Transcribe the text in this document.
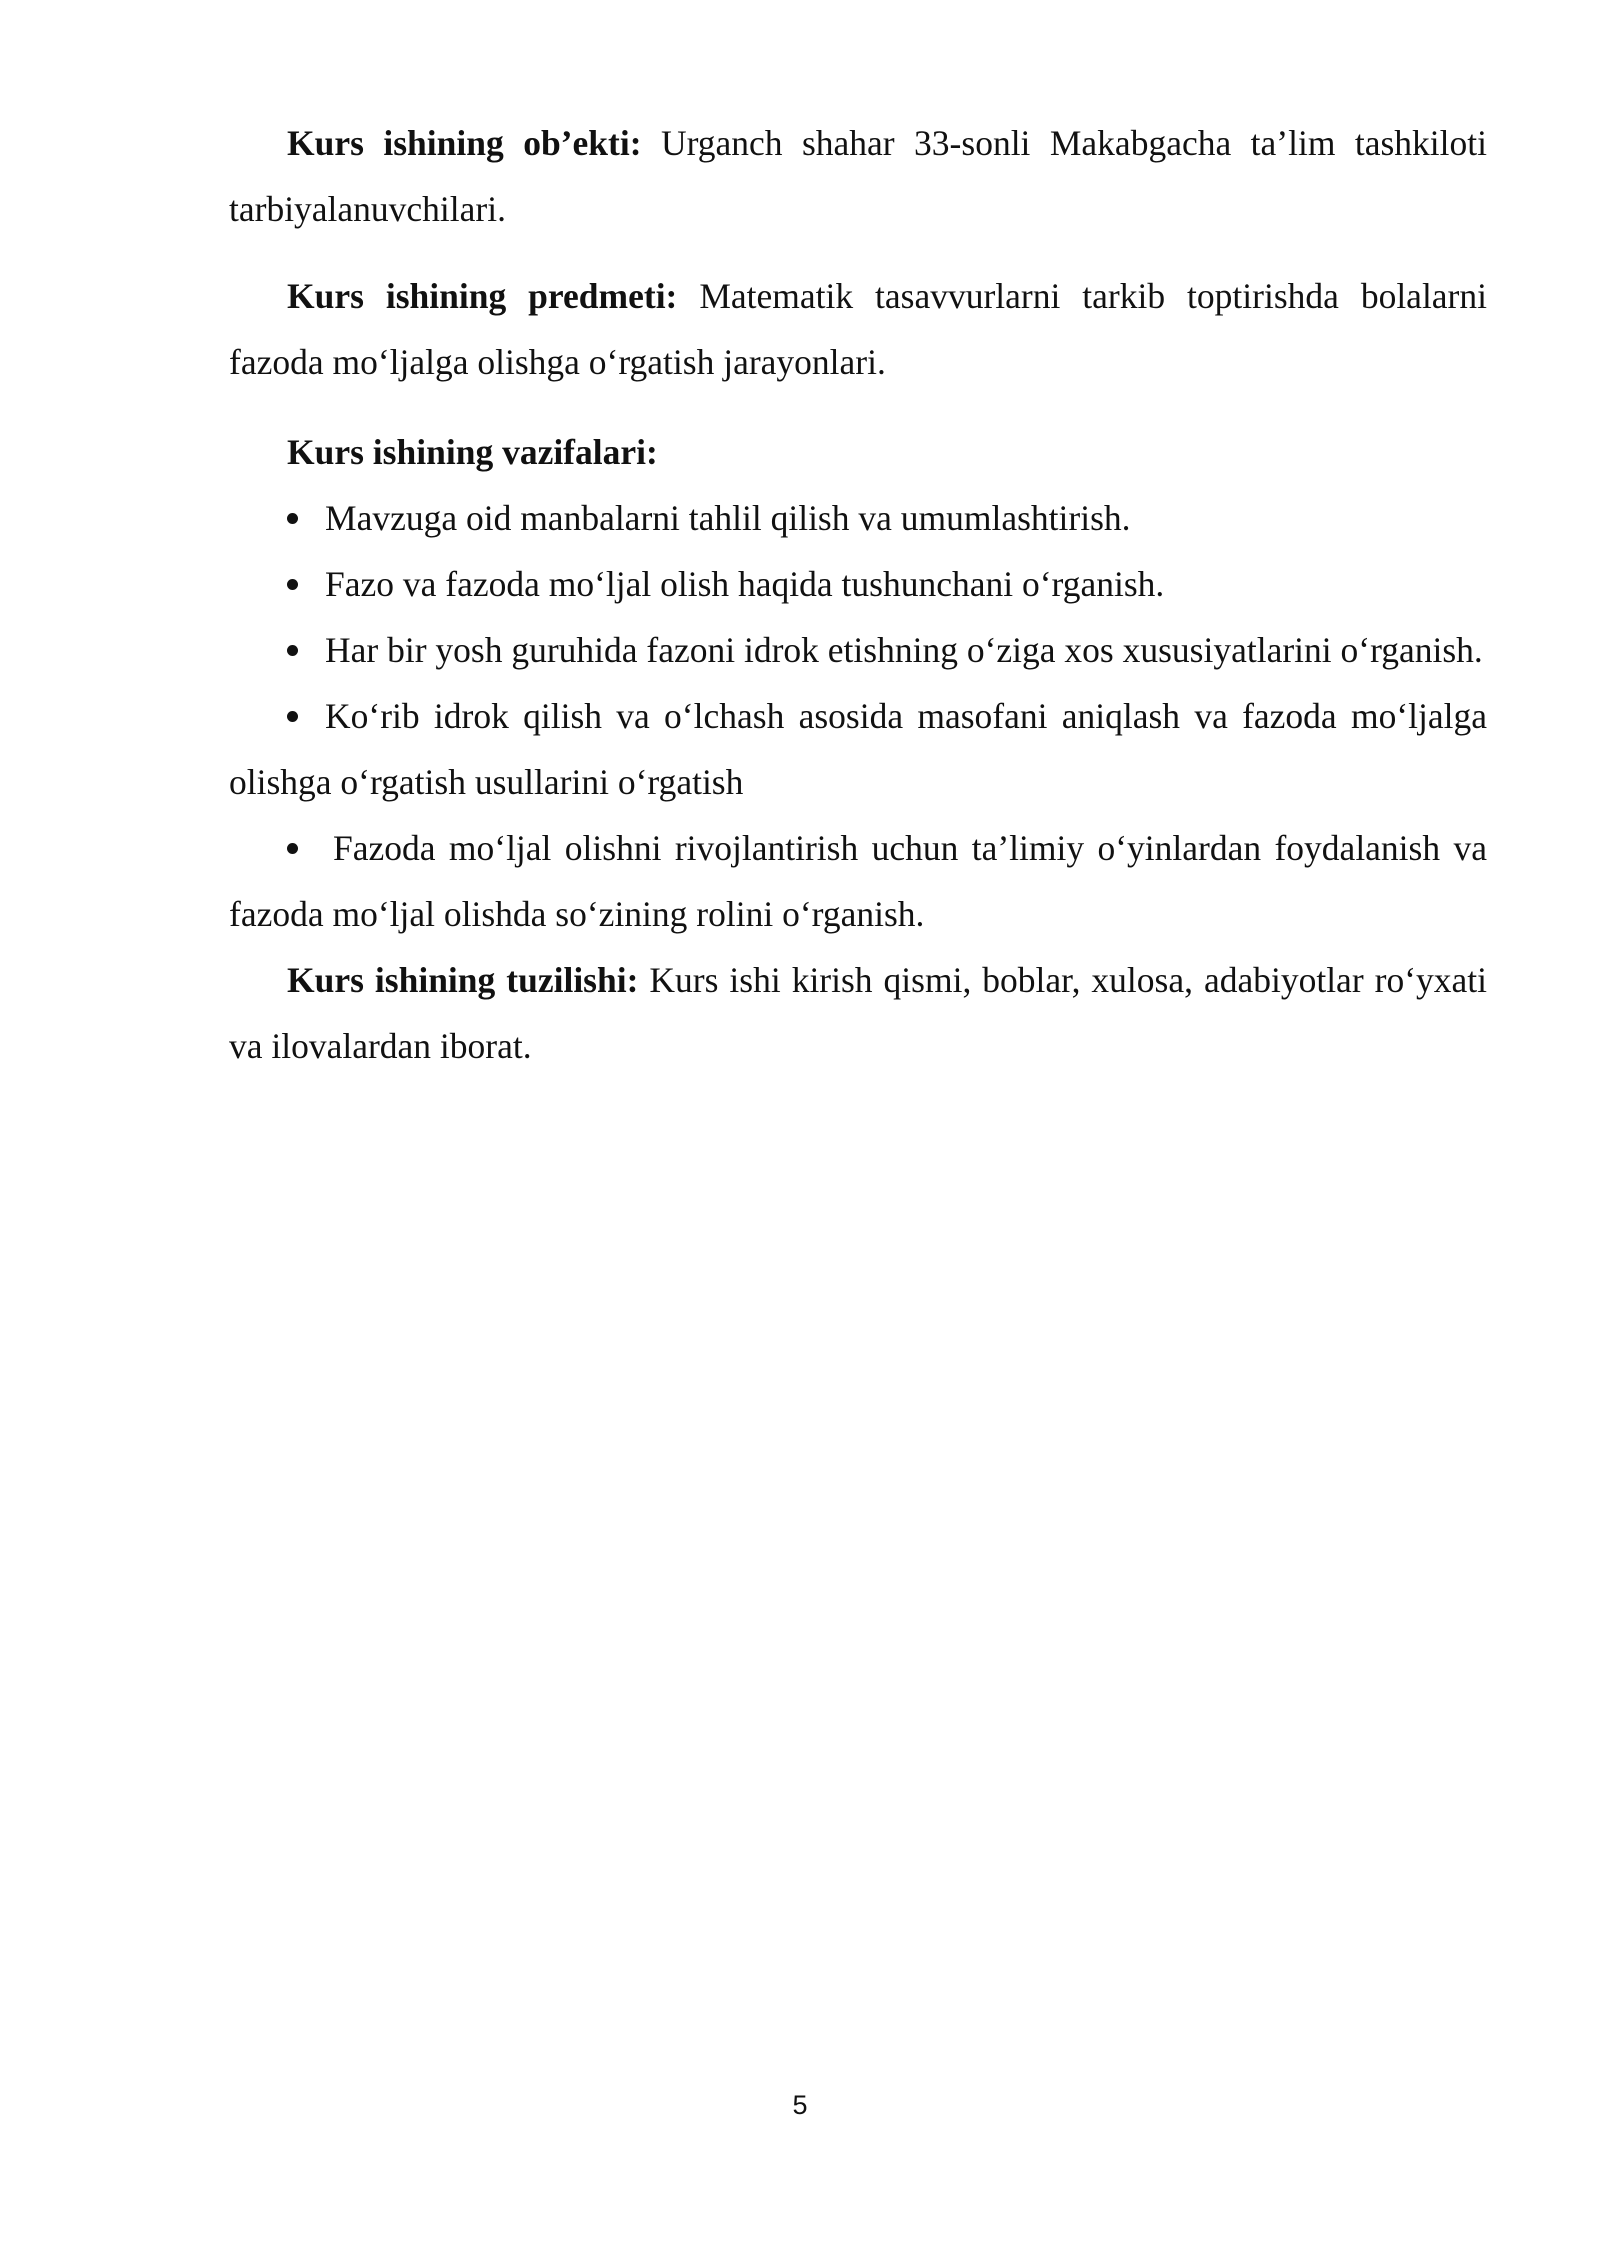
Kurs ishining ob’ekti: Urganch shahar 33-sonli Makabgacha ta’lim tashkiloti tarbiyalanuvchilari.

Kurs ishining predmeti: Matematik tasavvurlarni tarkib toptirishda bolalarni fazoda mo‘ljalga olishga o‘rgatish jarayonlari.

Kurs ishining vazifalari:

Mavzuga oid manbalarni tahlil qilish va umumlashtirish.
Fazo va fazoda mo‘ljal olish haqida tushunchani o‘rganish.
Har bir yosh guruhida fazoni idrok etishning o‘ziga xos xususiyatlarini o‘rganish.
Ko‘rib idrok qilish va o‘lchash asosida masofani aniqlash va fazoda mo‘ljalga olishga o‘rgatish usullarini o‘rgatish
Fazoda mo‘ljal olishni rivojlantirish uchun ta’limiy o‘yinlardan foydalanish va fazoda mo‘ljal olishda so‘zining rolini o‘rganish.

Kurs ishining tuzilishi: Kurs ishi kirish qismi, boblar, xulosa, adabiyotlar ro‘yxati va ilovalardan iborat.

5
